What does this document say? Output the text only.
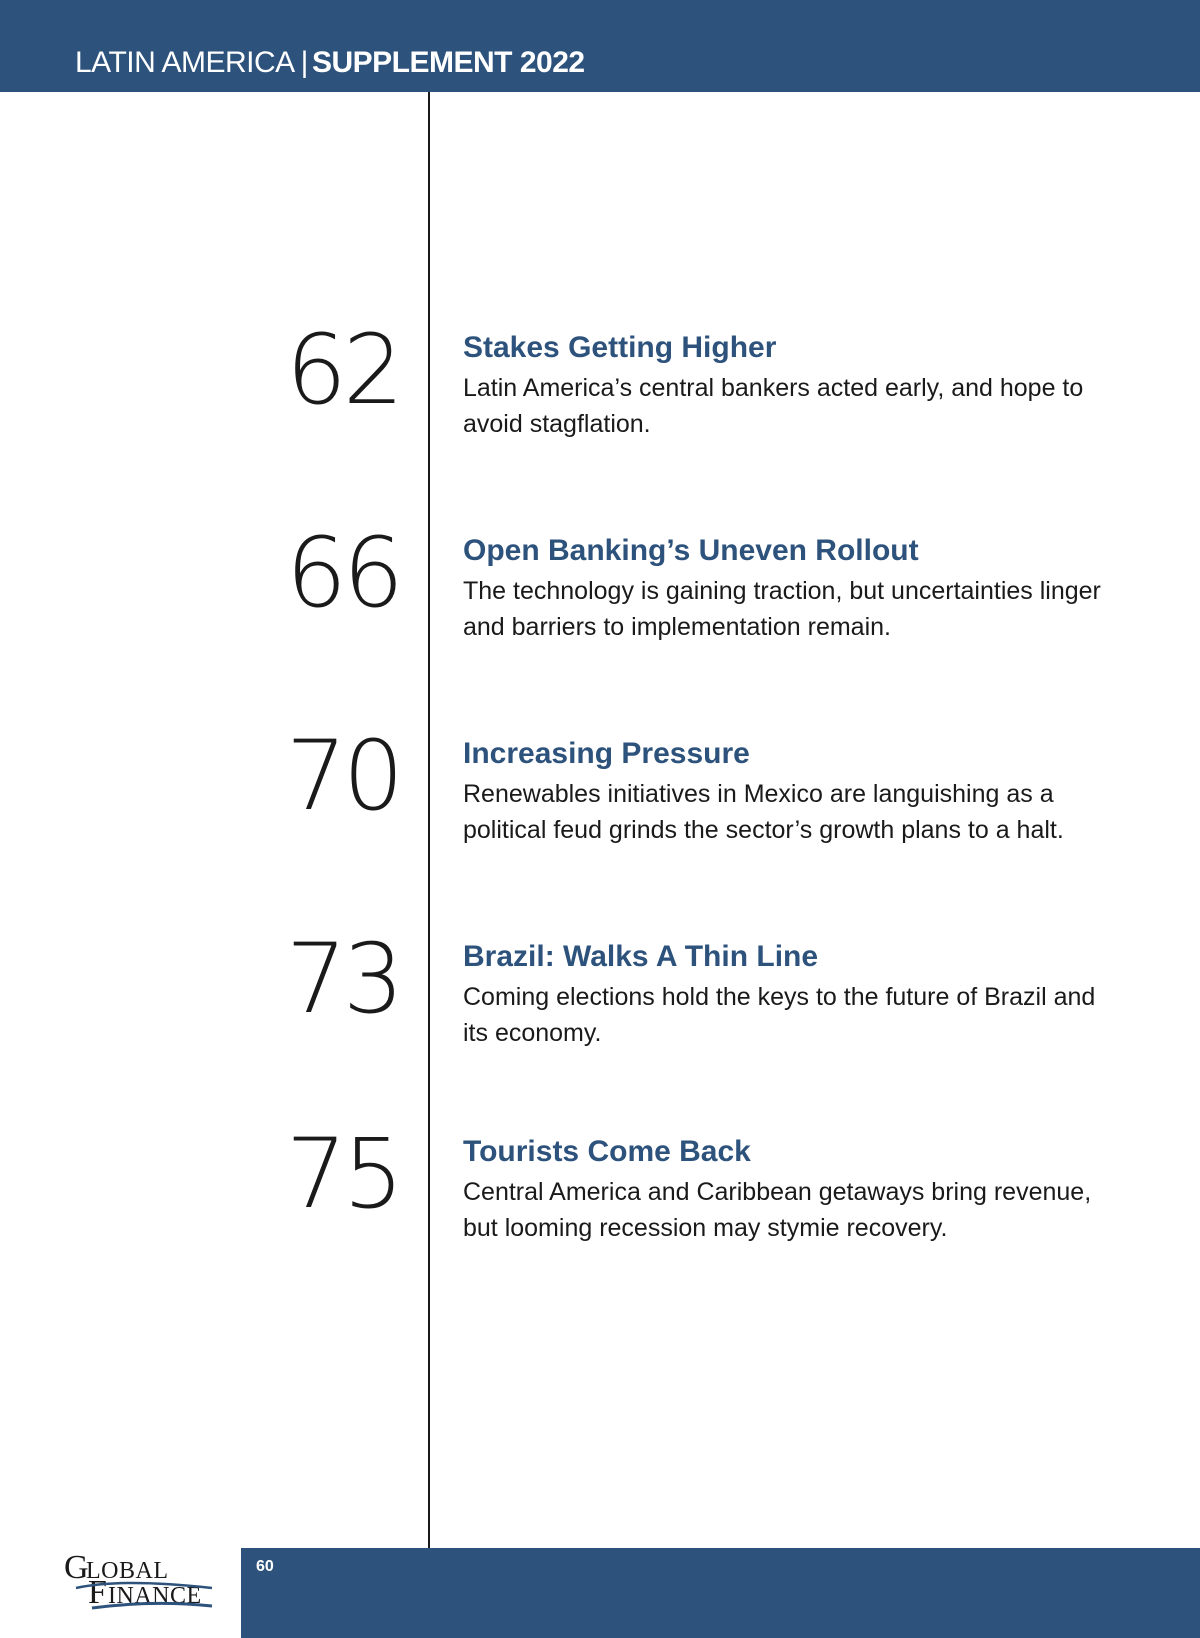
LATIN AMERICA | SUPPLEMENT 2022
62 Stakes Getting Higher
Latin America’s central bankers acted early, and hope to avoid stagflation.
66 Open Banking’s Uneven Rollout
The technology is gaining traction, but uncertainties linger and barriers to implementation remain.
70 Increasing Pressure
Renewables initiatives in Mexico are languishing as a political feud grinds the sector’s growth plans to a halt.
73 Brazil: Walks A Thin Line
Coming elections hold the keys to the future of Brazil and its economy.
75 Tourists Come Back
Central America and Caribbean getaways bring revenue, but looming recession may stymie recovery.
G
LOBAL
F INANCE
60
